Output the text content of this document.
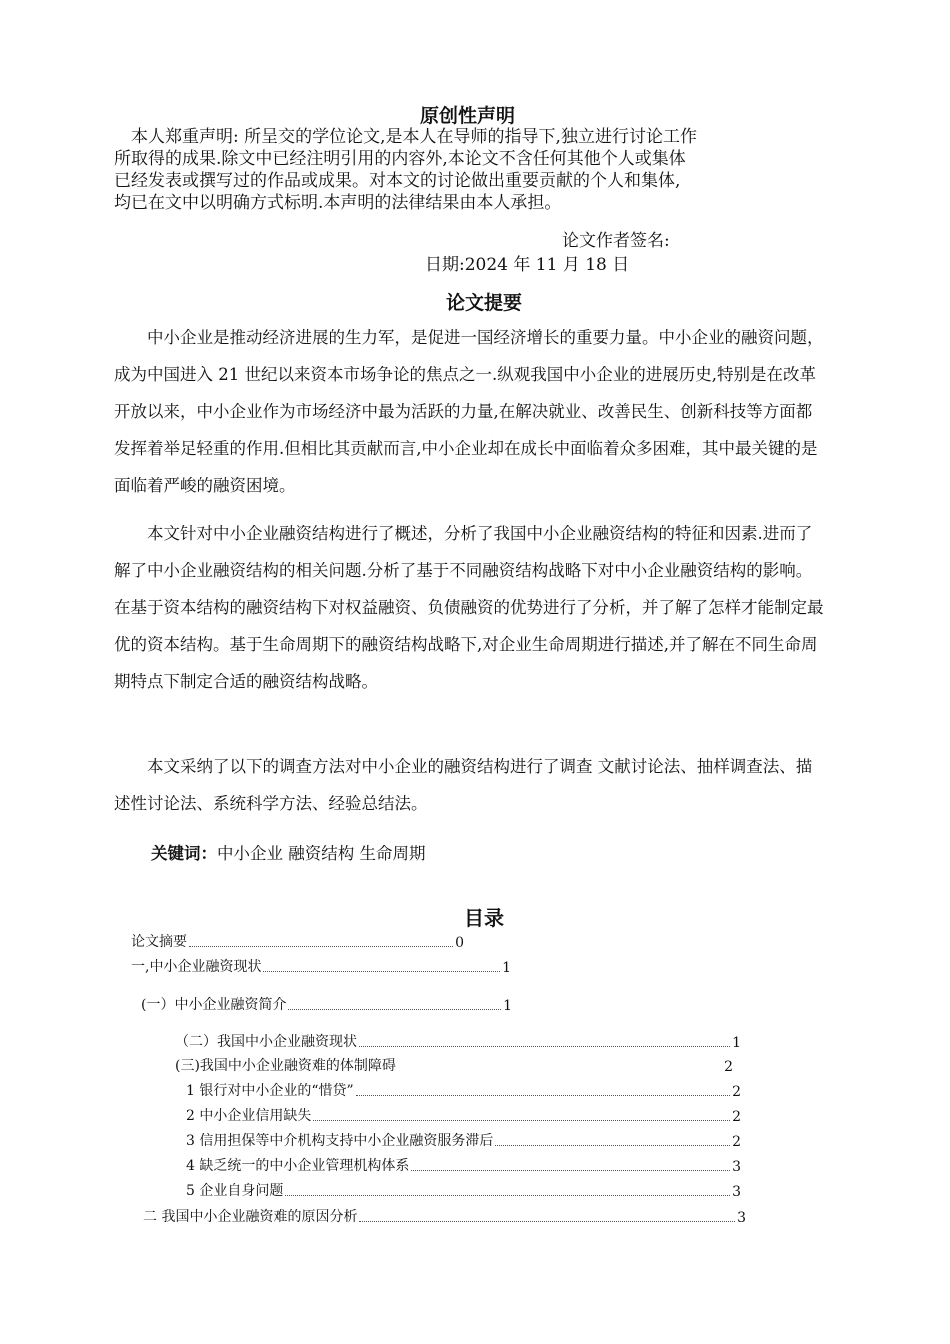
原创性声明
本人郑重声明: 所呈交的学位论文,是本人在导师的指导下,独立进行讨论工作
所取得的成果.除文中已经注明引用的内容外,本论文不含任何其他个人或集体
已经发表或撰写过的作品或成果。对本文的讨论做出重要贡献的个人和集体,
均已在文中以明确方式标明.本声明的法律结果由本人承担。
论文作者签名:
日期:2024 年 11 月 18 日
论文提要

中小企业是推动经济进展的生力军，是促进一国经济增长的重要力量。中小企业的融资问题，成为中国进入 21 世纪以来资本市场争论的焦点之一.纵观我国中小企业的进展历史,特别是在改革开放以来，中小企业作为市场经济中最为活跃的力量,在解决就业、改善民生、创新科技等方面都发挥着举足轻重的作用.但相比其贡献而言,中小企业却在成长中面临着众多困难，其中最关键的是面临着严峻的融资困境。

本文针对中小企业融资结构进行了概述，分析了我国中小企业融资结构的特征和因素.进而了解了中小企业融资结构的相关问题.分析了基于不同融资结构战略下对中小企业融资结构的影响。在基于资本结构的融资结构下对权益融资、负债融资的优势进行了分析，并了解了怎样才能制定最优的资本结构。基于生命周期下的融资结构战略下,对企业生命周期进行描述,并了解在不同生命周期特点下制定合适的融资结构战略。

本文采纳了以下的调查方法对中小企业的融资结构进行了调查 文献讨论法、抽样调查法、描述性讨论法、系统科学方法、经验总结法。

关键词：中小企业 融资结构 生命周期
目录
论文摘要	0
一,中小企业融资现状	1
(一）中小企业融资简介	1
（二）我国中小企业融资现状	1
(三)我国中小企业融资难的体制障碍	2
1 银行对中小企业的“惜贷”	2
2 中小企业信用缺失	2
3 信用担保等中介机构支持中小企业融资服务滞后	2
4 缺乏统一的中小企业管理机构体系	3
5 企业自身问题	3
二 我国中小企业融资难的原因分析	3
